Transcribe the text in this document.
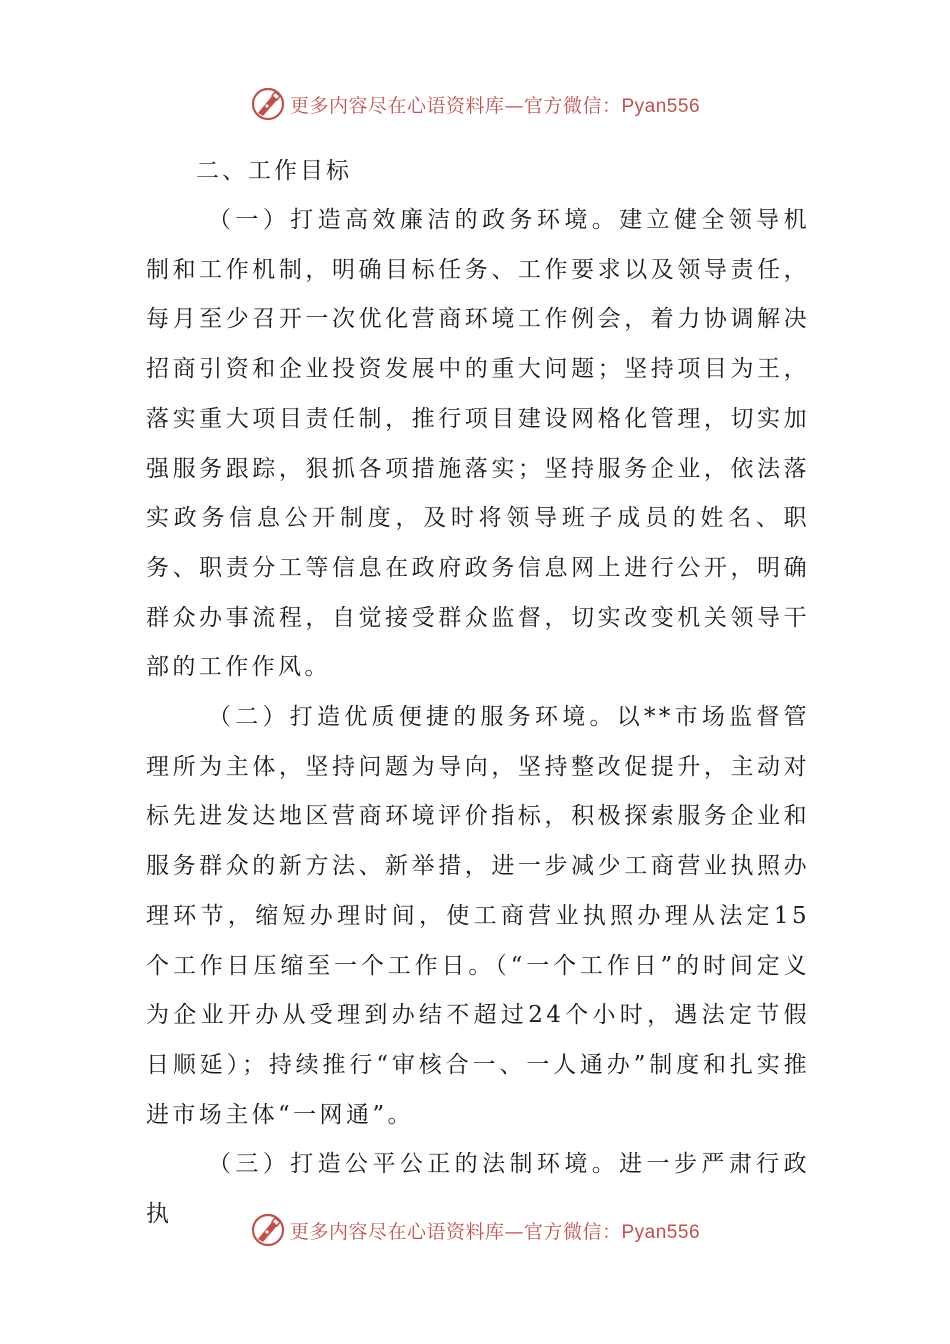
更多内容尽在心语资料库—官方微信：Pyan556
二、工作目标

（一）打造高效廉洁的政务环境。建立健全领导机制和工作机制，明确目标任务、工作要求以及领导责任，每月至少召开一次优化营商环境工作例会，着力协调解决招商引资和企业投资发展中的重大问题；坚持项目为王，落实重大项目责任制，推行项目建设网格化管理，切实加强服务跟踪，狠抓各项措施落实；坚持服务企业，依法落实政务信息公开制度，及时将领导班子成员的姓名、职务、职责分工等信息在政府政务信息网上进行公开，明确群众办事流程，自觉接受群众监督，切实改变机关领导干部的工作作风。

（二）打造优质便捷的服务环境。以**市场监督管理所为主体，坚持问题为导向，坚持整改促提升，主动对标先进发达地区营商环境评价指标，积极探索服务企业和服务群众的新方法、新举措，进一步减少工商营业执照办理环节，缩短办理时间，使工商营业执照办理从法定15个工作日压缩至一个工作日。（“一个工作日”的时间定义为企业开办从受理到办结不超过24个小时，遇法定节假日顺延）；持续推行“审核合一、一人通办”制度和扎实推进市场主体“一网通”。

（三）打造公平公正的法制环境。进一步严肃行政执

更多内容尽在心语资料库—官方微信：Pyan556
